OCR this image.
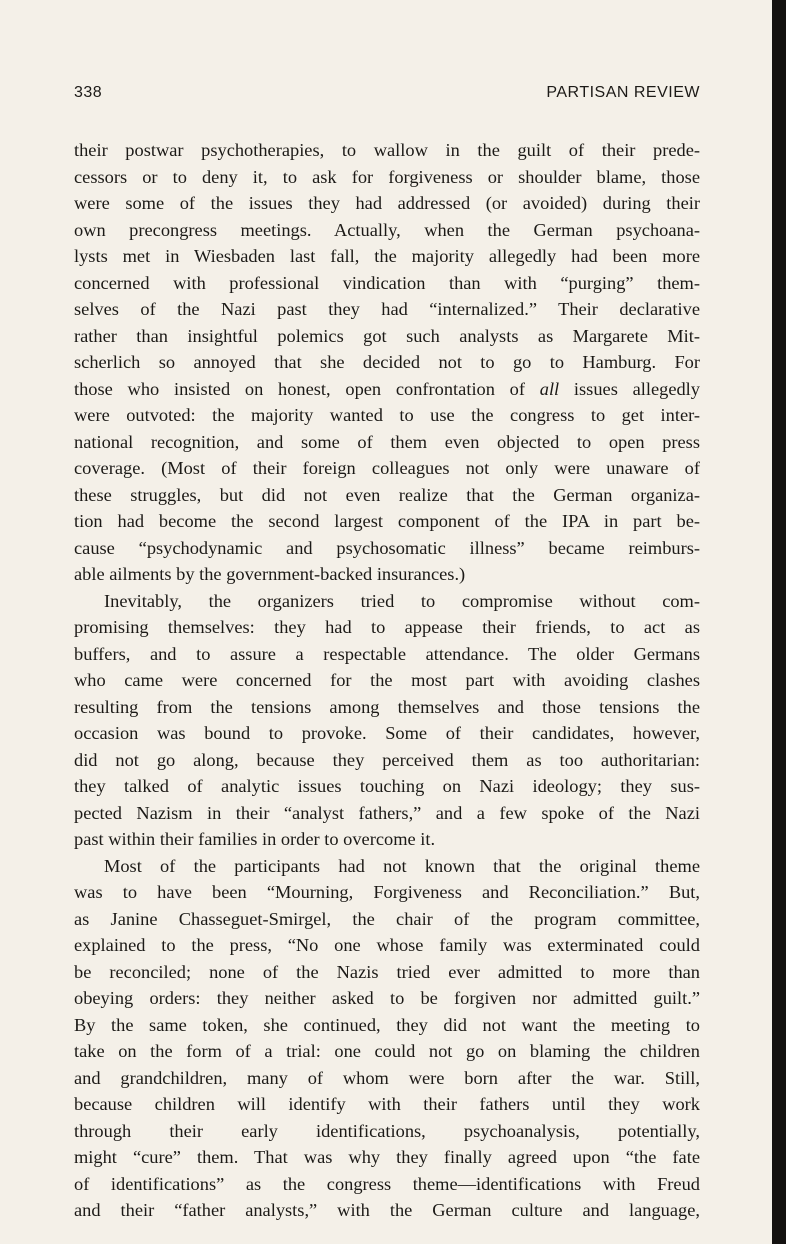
338	PARTISAN REVIEW
their postwar psychotherapies, to wallow in the guilt of their prede-
cessors or to deny it, to ask for forgiveness or shoulder blame, those
were some of the issues they had addressed (or avoided) during their
own precongress meetings. Actually, when the German psychoana-
lysts met in Wiesbaden last fall, the majority allegedly had been more
concerned with professional vindication than with “purging” them-
selves of the Nazi past they had “internalized.” Their declarative
rather than insightful polemics got such analysts as Margarete Mit-
scherlich so annoyed that she decided not to go to Hamburg. For
those who insisted on honest, open confrontation of all issues allegedly
were outvoted: the majority wanted to use the congress to get inter-
national recognition, and some of them even objected to open press
coverage. (Most of their foreign colleagues not only were unaware of
these struggles, but did not even realize that the German organiza-
tion had become the second largest component of the IPA in part be-
cause “psychodynamic and psychosomatic illness” became reimburs-
able ailments by the government-backed insurances.)
Inevitably, the organizers tried to compromise without com-
promising themselves: they had to appease their friends, to act as
buffers, and to assure a respectable attendance. The older Germans
who came were concerned for the most part with avoiding clashes
resulting from the tensions among themselves and those tensions the
occasion was bound to provoke. Some of their candidates, however,
did not go along, because they perceived them as too authoritarian:
they talked of analytic issues touching on Nazi ideology; they sus-
pected Nazism in their “analyst fathers,” and a few spoke of the Nazi
past within their families in order to overcome it.
Most of the participants had not known that the original theme
was to have been “Mourning, Forgiveness and Reconciliation.” But,
as Janine Chasseguet-Smirgel, the chair of the program committee,
explained to the press, “No one whose family was exterminated could
be reconciled; none of the Nazis tried ever admitted to more than
obeying orders: they neither asked to be forgiven nor admitted guilt.”
By the same token, she continued, they did not want the meeting to
take on the form of a trial: one could not go on blaming the children
and grandchildren, many of whom were born after the war. Still,
because children will identify with their fathers until they work
through their early identifications, psychoanalysis, potentially,
might “cure” them. That was why they finally agreed upon “the fate
of identifications” as the congress theme—identifications with Freud
and their “father analysts,” with the German culture and language,
